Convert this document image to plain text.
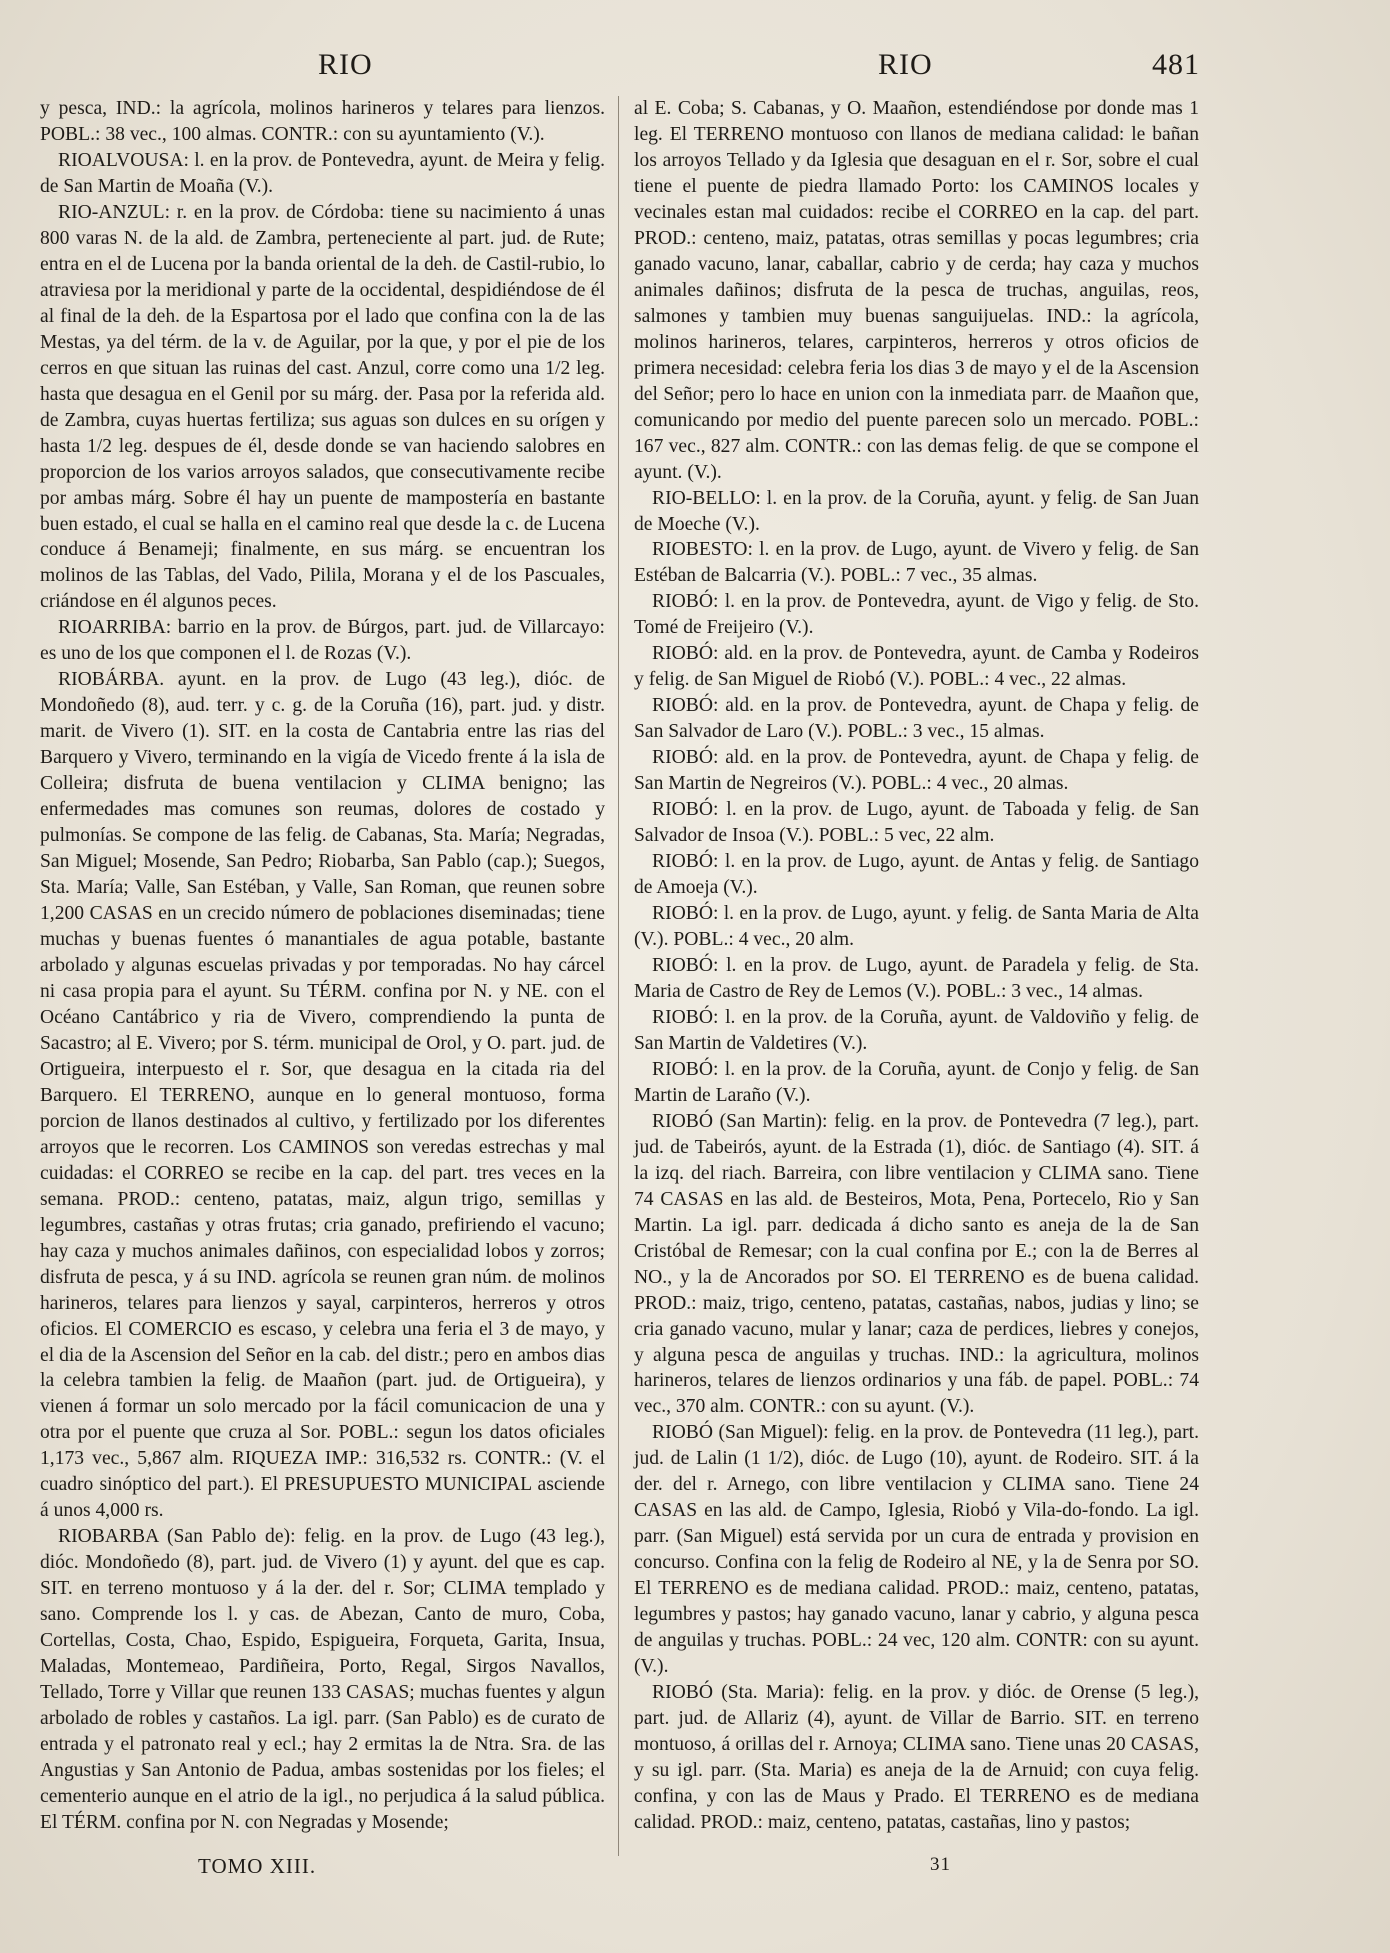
RIO	RIO	481

y pesca, IND.: la agrícola, molinos harineros y telares para lienzos. POBL.: 38 vec., 100 almas. CONTR.: con su ayuntamiento (V.).

RIOALVOUSA: l. en la prov. de Pontevedra, ayunt. de Meira y felig. de San Martin de Moaña (V.).

RIO-ANZUL: r. en la prov. de Córdoba: tiene su nacimiento á unas 800 varas N. de la ald. de Zambra, perteneciente al part. jud. de Rute; entra en el de Lucena por la banda oriental de la deh. de Castil-rubio, lo atraviesa por la meridional y parte de la occidental, despidiéndose de él al final de la deh. de la Espartosa por el lado que confina con la de las Mestas, ya del térm. de la v. de Aguilar, por la que, y por el pie de los cerros en que situan las ruinas del cast. Anzul, corre como una 1/2 leg. hasta que desagua en el Genil por su márg. der. Pasa por la referida ald. de Zambra, cuyas huertas fertiliza; sus aguas son dulces en su orígen y hasta 1/2 leg. despues de él, desde donde se van haciendo salobres en proporcion de los varios arroyos salados, que consecutivamente recibe por ambas márg. Sobre él hay un puente de mampostería en bastante buen estado, el cual se halla en el camino real que desde la c. de Lucena conduce á Benameji; finalmente, en sus márg. se encuentran los molinos de las Tablas, del Vado, Pilila, Morana y el de los Pascuales, criándose en él algunos peces.

RIOARRIBA: barrio en la prov. de Búrgos, part. jud. de Villarcayo: es uno de los que componen el l. de Rozas (V.).

RIOBÁRBA. ayunt. en la prov. de Lugo (43 leg.), dióc. de Mondoñedo (8), aud. terr. y c. g. de la Coruña (16), part. jud. y distr. marit. de Vivero (1). SIT. en la costa de Cantabria entre las rias del Barquero y Vivero, terminando en la vigía de Vicedo frente á la isla de Colleira; disfruta de buena ventilacion y CLIMA benigno; las enfermedades mas comunes son reumas, dolores de costado y pulmonías. Se compone de las felig. de Cabanas, Sta. María; Negradas, San Miguel; Mosende, San Pedro; Riobarba, San Pablo (cap.); Suegos, Sta. María; Valle, San Estéban, y Valle, San Roman, que reunen sobre 1,200 CASAS en un crecido número de poblaciones diseminadas; tiene muchas y buenas fuentes ó manantiales de agua potable, bastante arbolado y algunas escuelas privadas y por temporadas. No hay cárcel ni casa propia para el ayunt. Su TÉRM. confina por N. y NE. con el Océano Cantábrico y ria de Vivero, comprendiendo la punta de Sacastro; al E. Vivero; por S. térm. municipal de Orol, y O. part. jud. de Ortigueira, interpuesto el r. Sor, que desagua en la citada ria del Barquero. El TERRENO, aunque en lo general montuoso, forma porcion de llanos destinados al cultivo, y fertilizado por los diferentes arroyos que le recorren. Los CAMINOS son veredas estrechas y mal cuidadas: el CORREO se recibe en la cap. del part. tres veces en la semana. PROD.: centeno, patatas, maiz, algun trigo, semillas y legumbres, castañas y otras frutas; cria ganado, prefiriendo el vacuno; hay caza y muchos animales dañinos, con especialidad lobos y zorros; disfruta de pesca, y á su IND. agrícola se reunen gran núm. de molinos harineros, telares para lienzos y sayal, carpinteros, herreros y otros oficios. El COMERCIO es escaso, y celebra una feria el 3 de mayo, y el dia de la Ascension del Señor en la cab. del distr.; pero en ambos dias la celebra tambien la felig. de Maañon (part. jud. de Ortigueira), y vienen á formar un solo mercado por la fácil comunicacion de una y otra por el puente que cruza al Sor. POBL.: segun los datos oficiales 1,173 vec., 5,867 alm. RIQUEZA IMP.: 316,532 rs. CONTR.: (V. el cuadro sinóptico del part.). El PRESUPUESTO MUNICIPAL asciende á unos 4,000 rs.

RIOBARBA (San Pablo de): felig. en la prov. de Lugo (43 leg.), dióc. Mondoñedo (8), part. jud. de Vivero (1) y ayunt. del que es cap. SIT. en terreno montuoso y á la der. del r. Sor; CLIMA templado y sano. Comprende los l. y cas. de Abezan, Canto de muro, Coba, Cortellas, Costa, Chao, Espido, Espigueira, Forqueta, Garita, Insua, Maladas, Montemeao, Pardiñeira, Porto, Regal, Sirgos Navallos, Tellado, Torre y Villar que reunen 133 CASAS; muchas fuentes y algun arbolado de robles y castaños. La igl. parr. (San Pablo) es de curato de entrada y el patronato real y ecl.; hay 2 ermitas la de Ntra. Sra. de las Angustias y San Antonio de Padua, ambas sostenidas por los fieles; el cementerio aunque en el atrio de la igl., no perjudica á la salud pública. El TÉRM. confina por N. con Negradas y Mosende;

al E. Coba; S. Cabanas, y O. Maañon, estendiéndose por donde mas 1 leg. El TERRENO montuoso con llanos de mediana calidad: le bañan los arroyos Tellado y da Iglesia que desaguan en el r. Sor, sobre el cual tiene el puente de piedra llamado Porto: los CAMINOS locales y vecinales estan mal cuidados: recibe el CORREO en la cap. del part. PROD.: centeno, maiz, patatas, otras semillas y pocas legumbres; cria ganado vacuno, lanar, caballar, cabrio y de cerda; hay caza y muchos animales dañinos; disfruta de la pesca de truchas, anguilas, reos, salmones y tambien muy buenas sanguijuelas. IND.: la agrícola, molinos harineros, telares, carpinteros, herreros y otros oficios de primera necesidad: celebra feria los dias 3 de mayo y el de la Ascension del Señor; pero lo hace en union con la inmediata parr. de Maañon que, comunicando por medio del puente parecen solo un mercado. POBL.: 167 vec., 827 alm. CONTR.: con las demas felig. de que se compone el ayunt. (V.).

RIO-BELLO: l. en la prov. de la Coruña, ayunt. y felig. de San Juan de Moeche (V.).

RIOBESTO: l. en la prov. de Lugo, ayunt. de Vivero y felig. de San Estéban de Balcarria (V.). POBL.: 7 vec., 35 almas.

RIOBÓ: l. en la prov. de Pontevedra, ayunt. de Vigo y felig. de Sto. Tomé de Freijeiro (V.).

RIOBÓ: ald. en la prov. de Pontevedra, ayunt. de Camba y Rodeiros y felig. de San Miguel de Riobó (V.). POBL.: 4 vec., 22 almas.

RIOBÓ: ald. en la prov. de Pontevedra, ayunt. de Chapa y felig. de San Salvador de Laro (V.). POBL.: 3 vec., 15 almas.

RIOBÓ: ald. en la prov. de Pontevedra, ayunt. de Chapa y felig. de San Martin de Negreiros (V.). POBL.: 4 vec., 20 almas.

RIOBÓ: l. en la prov. de Lugo, ayunt. de Taboada y felig. de San Salvador de Insoa (V.). POBL.: 5 vec, 22 alm.

RIOBÓ: l. en la prov. de Lugo, ayunt. de Antas y felig. de Santiago de Amoeja (V.).

RIOBÓ: l. en la prov. de Lugo, ayunt. y felig. de Santa Maria de Alta (V.). POBL.: 4 vec., 20 alm.

RIOBÓ: l. en la prov. de Lugo, ayunt. de Paradela y felig. de Sta. Maria de Castro de Rey de Lemos (V.). POBL.: 3 vec., 14 almas.

RIOBÓ: l. en la prov. de la Coruña, ayunt. de Valdoviño y felig. de San Martin de Valdetires (V.).

RIOBÓ: l. en la prov. de la Coruña, ayunt. de Conjo y felig. de San Martin de Laraño (V.).

RIOBÓ (San Martin): felig. en la prov. de Pontevedra (7 leg.), part. jud. de Tabeirós, ayunt. de la Estrada (1), dióc. de Santiago (4). SIT. á la izq. del riach. Barreira, con libre ventilacion y CLIMA sano. Tiene 74 CASAS en las ald. de Besteiros, Mota, Pena, Portecelo, Rio y San Martin. La igl. parr. dedicada á dicho santo es aneja de la de San Cristóbal de Remesar; con la cual confina por E.; con la de Berres al NO., y la de Ancorados por SO. El TERRENO es de buena calidad. PROD.: maiz, trigo, centeno, patatas, castañas, nabos, judias y lino; se cria ganado vacuno, mular y lanar; caza de perdices, liebres y conejos, y alguna pesca de anguilas y truchas. IND.: la agricultura, molinos harineros, telares de lienzos ordinarios y una fáb. de papel. POBL.: 74 vec., 370 alm. CONTR.: con su ayunt. (V.).

RIOBÓ (San Miguel): felig. en la prov. de Pontevedra (11 leg.), part. jud. de Lalin (1 1/2), dióc. de Lugo (10), ayunt. de Rodeiro. SIT. á la der. del r. Arnego, con libre ventilacion y CLIMA sano. Tiene 24 CASAS en las ald. de Campo, Iglesia, Riobó y Vila-do-fondo. La igl. parr. (San Miguel) está servida por un cura de entrada y provision en concurso. Confina con la felig de Rodeiro al NE, y la de Senra por SO. El TERRENO es de mediana calidad. PROD.: maiz, centeno, patatas, legumbres y pastos; hay ganado vacuno, lanar y cabrio, y alguna pesca de anguilas y truchas. POBL.: 24 vec, 120 alm. CONTR: con su ayunt. (V.).

RIOBÓ (Sta. Maria): felig. en la prov. y dióc. de Orense (5 leg.), part. jud. de Allariz (4), ayunt. de Villar de Barrio. SIT. en terreno montuoso, á orillas del r. Arnoya; CLIMA sano. Tiene unas 20 CASAS, y su igl. parr. (Sta. Maria) es aneja de la de Arnuid; con cuya felig. confina, y con las de Maus y Prado. El TERRENO es de mediana calidad. PROD.: maiz, centeno, patatas, castañas, lino y pastos;

TOMO XIII.	31
